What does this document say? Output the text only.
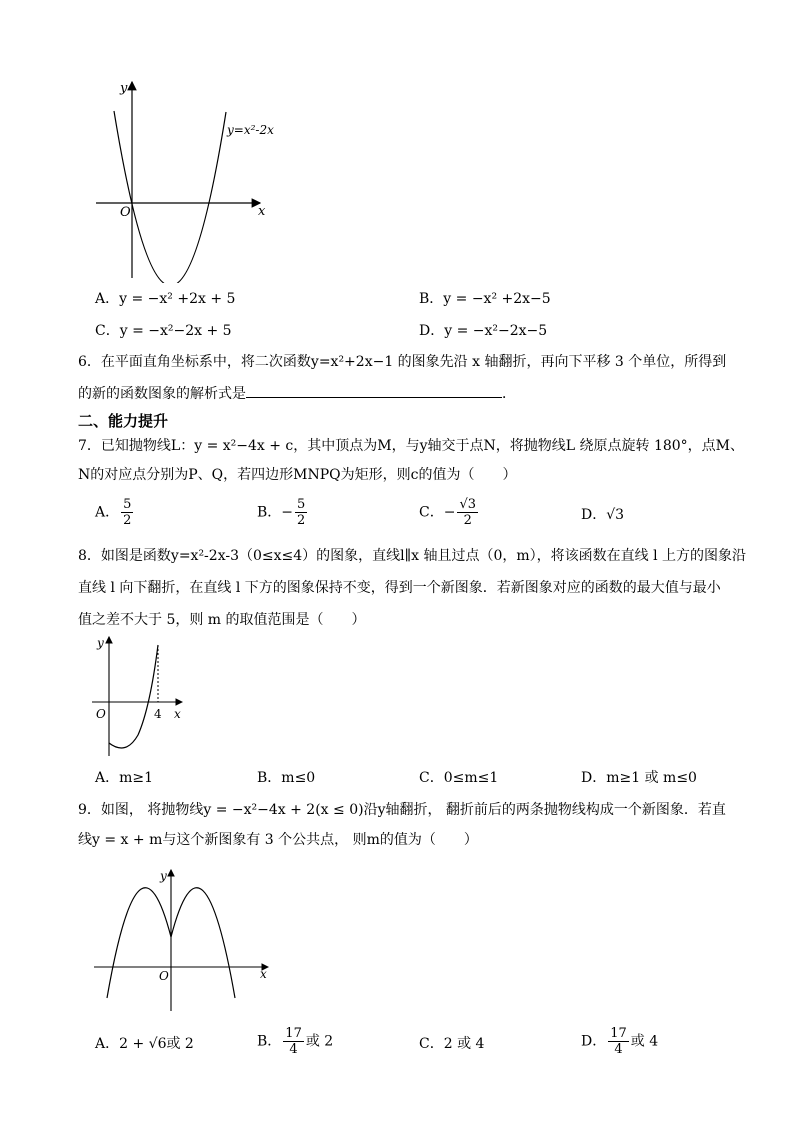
y
x
O
y=x²-2x
A．y = −x² +2x + 5	B．y = −x² +2x−5
C．y = −x²−2x + 5	D．y = −x²−2x−5
6．在平面直角坐标系中，将二次函数y=x²+2x−1 的图象先沿 x 轴翻折，再向下平移 3 个单位，所得到
的新的函数图象的解析式是	．
二、能力提升
7．已知抛物线L：y = x²−4x + c，其中顶点为M，与y轴交于点N，将抛物线L 绕原点旋转 180°，点M、
N的对应点分别为P、Q，若四边形MNPQ为矩形，则c的值为（　　）
A． $\frac{5}{2}$	B．− $\frac{5}{2}$	C．− $\frac{√3}{2}$	D．√3
8．如图是函数y=x²-2x-3（0≤x≤4）的图象，直线l∥x 轴且过点（0，m），将该函数在直线 l 上方的图象沿
直线 l 向下翻折，在直线 l 下方的图象保持不变，得到一个新图象．若新图象对应的函数的最大值与最小
值之差不大于 5，则 m 的取值范围是（　　）
y
x
O	4
A．m≥1	B．m≤0	C．0≤m≤1	D．m≥1 或 m≤0
9．如图， 将抛物线y = −x²−4x + 2(x ≤ 0)沿y轴翻折， 翻折前后的两条抛物线构成一个新图象．若直
线y = x + m与这个新图象有 3 个公共点， 则m的值为（　　）
y
x
O
A．2 + √6或 2	B． $\frac{17}{4}$ 或 2	C．2 或 4	D． $\frac{17}{4}$ 或 4
